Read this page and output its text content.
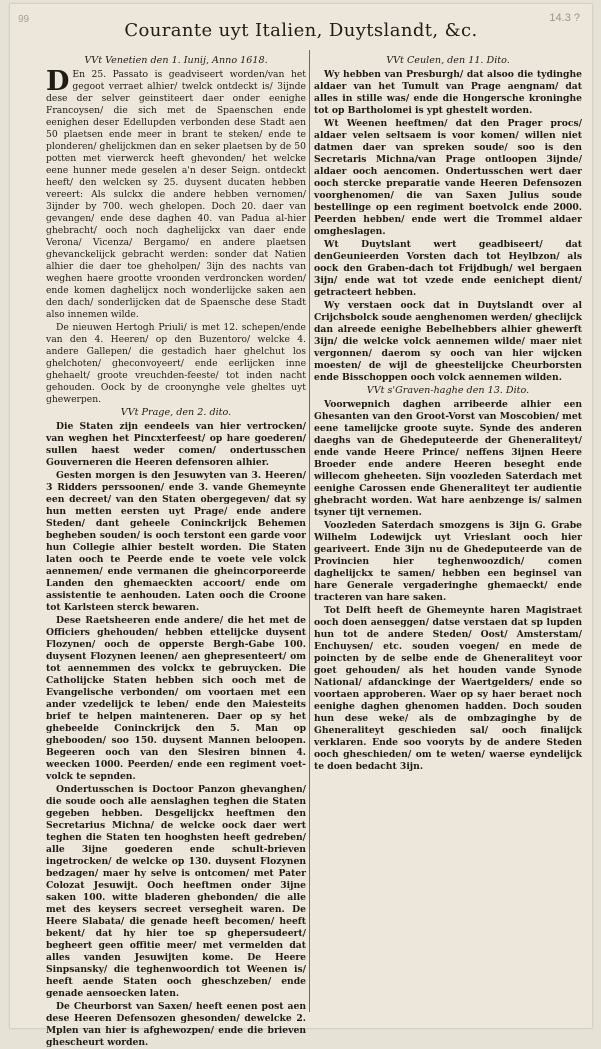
99	14.3 ?
Courante uyt Italien, Duytslandt, &c.
VVt Venetien den 1. Iunij, Anno 1618.
D En 25. Passato is geadviseert worden/van het gegoot verraet alhier/ twelck ontdeckt is/ 3ijnde dese der selver geinstiteert daer onder eenighe Francoysen/ die sich met de Spaenschen ende eenighen deser Edellupden verbonden dese Stadt aen 50 plaetsen ende meer in brant te steken/ ende te plonderen/ ghelijckmen dan en seker plaetsen by de 50 potten met vierwerck heeft ghevonden/ het welcke eene hunner mede geselen a'n deser Seign. ontdeckt heeft/ den welcken sy 25. duysent ducaten hebben vereert: Als sulckx die andere hebben vernomen/ 3ijnder by 700. wech ghelopen. Doch 20. daer van gevangen/ ende dese daghen 40. van Padua al-hier ghebracht/ ooch noch daghelijckx van daer ende Verona/ Vicenza/ Bergamo/ en andere plaetsen ghevanckelijck gebracht werden: sonder dat Natien alhier die daer toe gheholpen/ 3ijn des nachts van weghen haere grootte vroonden verdroncken worden/ ende komen daghelijcx noch wonderlijcke saken aen den dach/ sonderlijcken dat de Spaensche dese Stadt also innemen wilde.
De nieuwen Hertogh Priuli/ is met 12. schepen/ende van den 4. Heeren/ op den Buzentoro/ welcke 4. andere Gallepen/ die gestadich haer ghelchut los ghelchoten/ gheconvoyeert/ ende eerlijcken inne ghehaelt/ groote vreuchden-feeste/ tot inden nacht gehouden. Oock by de croonynghe vele gheltes uyt ghewerpen.
VVt Prage, den 2. dito.
Die Staten zijn eendeels van hier vertrocken/ van weghen het Pincxterfeest/ op hare goederen/ sullen haest weder comen/ ondertusschen Gouverneren die Heeren defensoren alhier.
Gesten morgen is den Jesuwyten van 3. Heeren/ 3 Ridders perssoonen/ ende 3. vande Ghemeynte een decreet/ van den Staten obergegeven/ dat sy hun metten eersten uyt Prage/ ende andere Steden/ dant geheele Coninckrijck Behemen begheben souden/ is ooch terstont een garde voor hun Collegie alhier bestelt worden. Die Staten laten ooch te Peerde ende te voete vele volck aennemen/ ende vermanen die gheincorporeerde Landen den ghemaeckten accoort/ ende om assistentie te aenhouden. Laten ooch die Croone tot Karlsteen sterck bewaren.
Dese Raetsheeren ende andere/ die het met de Officiers ghehouden/ hebben ettelijcke duysent Flozynen/ ooch de opperste Bergh-Gabe 100. duysent Flozynen leenen/ aen ghepresenteert/ om tot aennemmen des volckx te gebruycken. Die Catholijcke Staten hebben sich ooch met de Evangelische verbonden/ om voortaen met een ander vzedelijck te leben/ ende den Maiesteits brief te helpen mainteneren. Daer op sy het ghebeelde Coninckrijck den 5. Man op ghebooden/ soo 150. duysent Mannen beloopen. Begeeren ooch van den Slesiren binnen 4. weecken 1000. Peerden/ ende een regiment voet-volck te sepnden.
Ondertusschen is Doctoor Panzon ghevanghen/ die soude ooch alle aenslaghen teghen die Staten gegeben hebben. Desgelijckx heeftmen den Secretarius Michna/ de welcke oock daer wert teghen die Staten ten hooghsten heeft gedreben/ alle 3ijne goederen ende schult-brieven ingetrocken/ de welcke op 130. duysent Flozynen bedzagen/ maer hy selve is ontcomen/ met Pater Colozat Jesuwijt. Ooch heeftmen onder 3ijne saken 100. witte bladeren ghebonden/ die alle met des keysers secreet versegheit waren. De Heere Slabata/ die genade heeft becomen/ heeft bekent/ dat hy hier toe sp ghepersudeert/ begheert geen offitie meer/ met vermelden dat alles vanden Jesuwijten kome. De Heere Sinpsansky/ die teghenwoordich tot Weenen is/ heeft aende Staten ooch gheschzeben/ ende genade aensoecken laten.
De Cheurborst van Saxen/ heeft eenen post aen dese Heeren Defensozen ghesonden/ dewelcke 2. Mplen van hier is afghewozpen/ ende die brieven ghescheurt worden.
VVt Ceulen, den 11. Dito.
Wy hebben van Presburgh/ dat alsoo die tydinghe aldaer van het Tumult van Prage aengnam/ dat alles in stille was/ ende die Hongersche kroninghe tot op Bartholomei is ypt ghestelt worden.
Wt Weenen heeftmen/ dat den Prager procs/ aldaer velen seltsaem is voor komen/ willen niet datmen daer van spreken soude/ soo is den Secretaris Michna/van Prage ontloopen 3ijnde/ aldaer ooch aencomen. Ondertusschen wert daer ooch stercke preparatie vande Heeren Defensozen voorghenomen/ die van Saxen Julius soude bestellinge op een regiment boetvolck ende 2000. Peerden hebben/ ende wert die Trommel aldaer omgheslagen.
Wt Duytslant wert geadbiseert/ dat denGeunieerden Vorsten dach tot Heylbzon/ als oock den Graben-dach tot Frijdbugh/ wel bergaen 3ijn/ ende wat tot vzede ende eenichept dient/ getracteert hebben.
Wy verstaen oock dat in Duytslandt over al Crijchsbolck soude aenghenomen werden/ gheclijck dan alreede eenighe Bebelhebbers alhier ghewerft 3ijn/ die welcke volck aennemen wilde/ maer niet vergonnen/ daerom sy ooch van hier wijcken moesten/ de wijl de gheestelijcke Cheurborsten ende Bisschoppen ooch volck aennemen wilden.
VVt s'Graven-haghe den 13. Dito.
Voorwepnich daghen arribeerde alhier een Ghesanten van den Groot-Vorst van Moscobien/ met eene tamelijcke groote suyte. Synde des anderen daeghs van de Ghedeputeerde der Gheneraliteyt/ ende vande Heere Prince/ neffens 3ijnen Heere Broeder ende andere Heeren beseght ende willecom gheheeten. Sijn voozleden Saterdach met eenighe Carossen ende Gheneraliteyt ter audientie ghebracht worden. Wat hare aenbzenge is/ salmen tsyner tijt vernemen.
Voozleden Saterdach smozgens is 3ijn G. Grabe Wilhelm Lodewijck uyt Vrieslant ooch hier geariveert. Ende 3ijn nu de Ghedeputeerde van de Provincien hier teghenwoozdich/ comen daghelijckx te samen/ hebben een beginsel van hare Generale vergaderinghe ghemaeckt/ ende tracteren van hare saken.
Tot Delft heeft de Ghemeynte haren Magistraet ooch doen aenseggen/ datse verstaen dat sp lupden hun tot de andere Steden/ Oost/ Amsterstam/ Enchuysen/ etc. souden voegen/ en mede de poincten by de selbe ende de Gheneraliteyt voor goet gehouden/ als het houden vande Synode National/ afdanckinge der Waertgelders/ ende so voortaen approberen. Waer op sy haer beraet noch eenighe daghen ghenomen hadden. Doch souden hun dese weke/ als de ombzaginghe by de Gheneraliteyt geschieden sal/ ooch finalijck verklaren. Ende soo vooryts by de andere Steden ooch gheschieden/ om te weten/ waerse eyndelijck te doen bedacht 3ijn.
